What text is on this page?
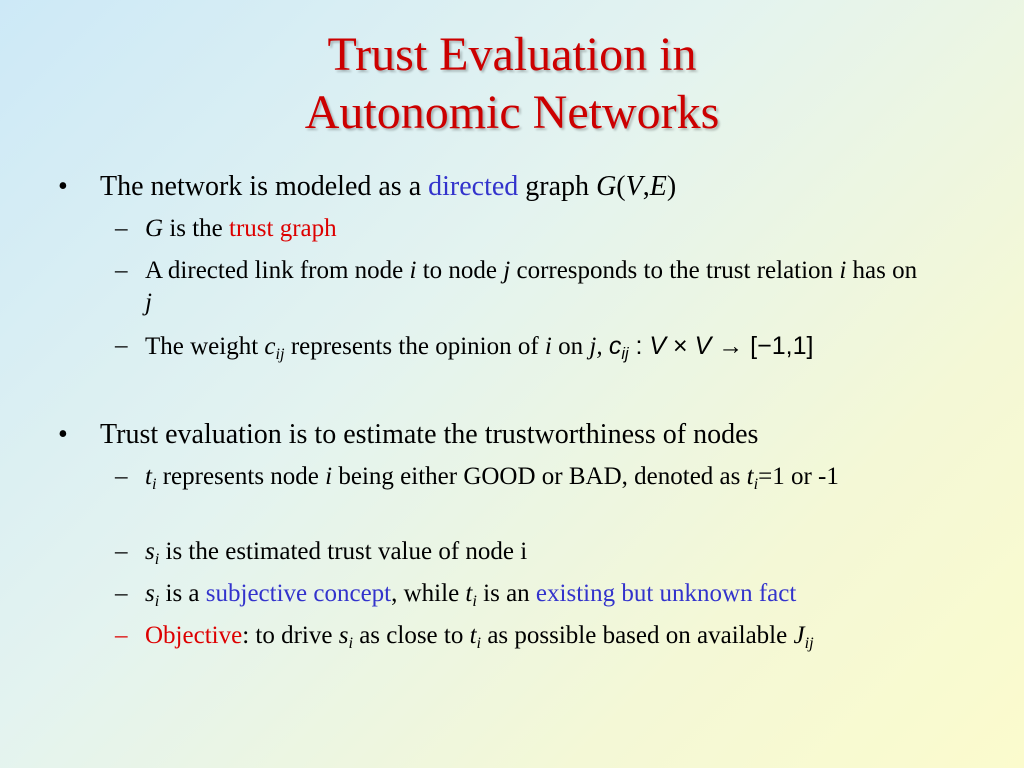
Trust Evaluation in
Autonomic Networks
• The network is modeled as a directed graph G(V,E)
– G is the trust graph
– A directed link from node i to node j corresponds to the trust relation i has on j
– The weight $c_{ij}$ represents the opinion of i on j, $c_{ij}$ : V × V → [−1,1]
• Trust evaluation is to estimate the trustworthiness of nodes
– $t_i$ represents node i being either GOOD or BAD, denoted as $t_i=1$ or -1
– $s_i$ is the estimated trust value of node i
– $s_i$ is a subjective concept, while $t_i$ is an existing but unknown fact
– Objective: to drive $s_i$ as close to $t_i$ as possible based on available $J_{ij}$
